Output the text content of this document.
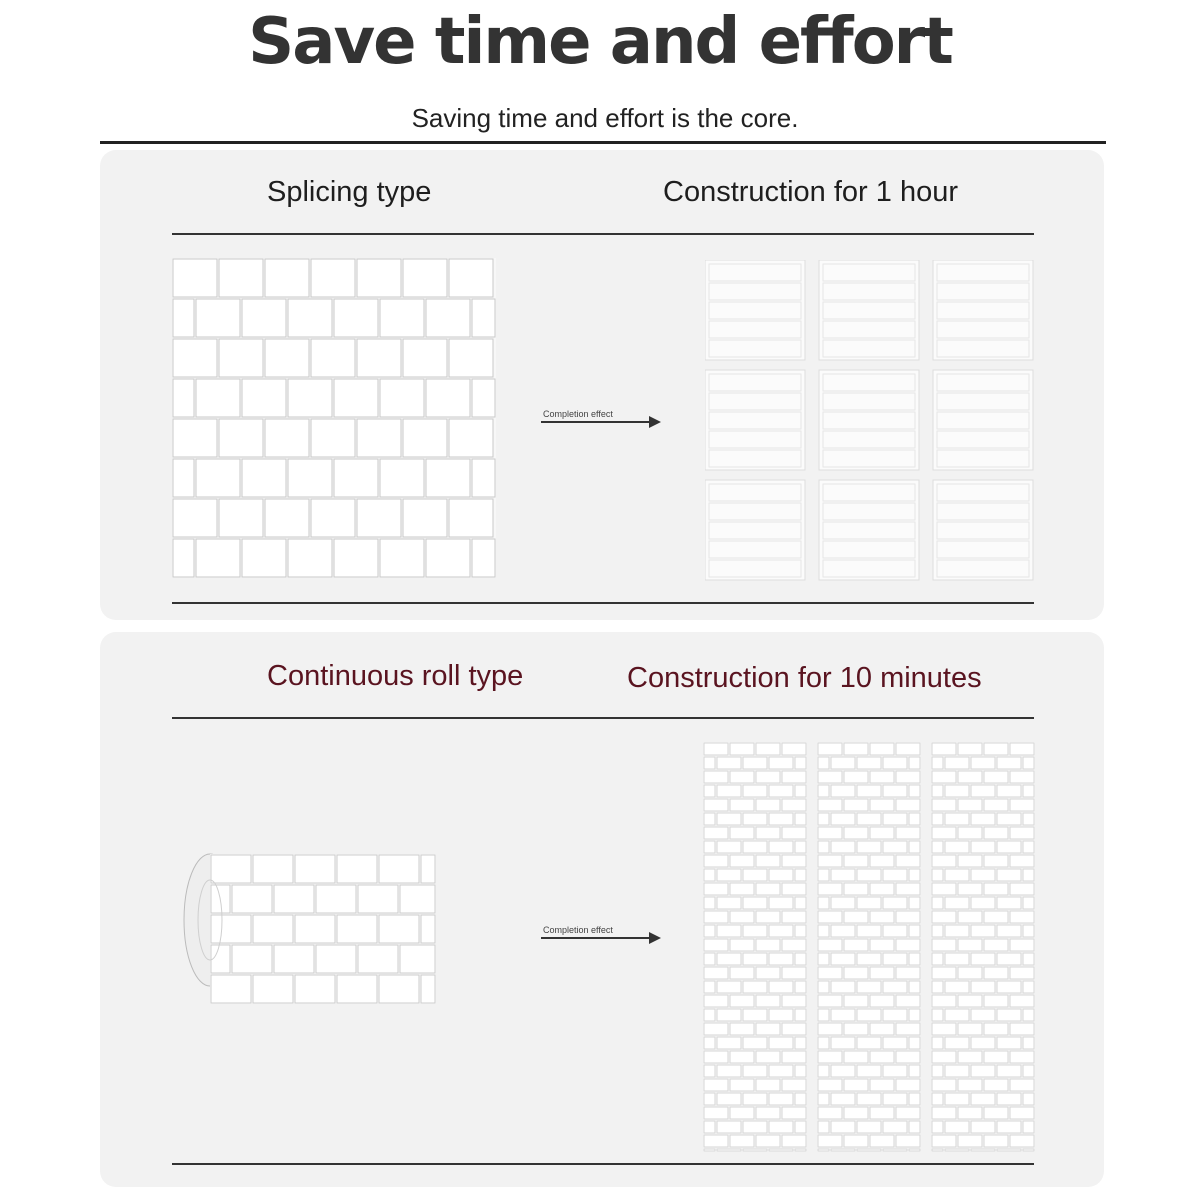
Save time and effort
Saving time and effort is the core.
Splicing type	Construction for 1 hour
Completion effect
Continuous roll type	Construction for 10 minutes
Completion effect
